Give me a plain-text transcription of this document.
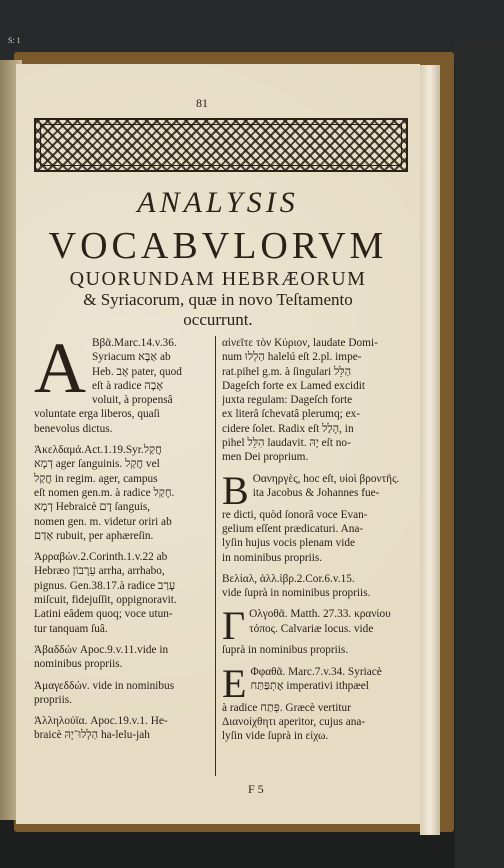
S: 1
81
ANALYSIS
VOCABVLORVM
QUORUNDAM HEBRÆORUM
& Syriacorum, quæ in novo Teſtamento
occurrunt.
A Ββᾶ.Marc.14.v.36.
Syriacum אַבָּא ab
Heb. אָב pater, quod
eſt à radice אָבָה
voluit, à propensâ
voluntate erga liberos, quaſi
benevolus dictus.
Ἀκελδαμά.Act.1.19.Syr.חֲקַל
דְמָא ager ſanguinis. חֲקַל vel
חֲקַל in regim. ager, campus
eſt nomen gen.m. à radice חָקַל.
דְמָא Hebraicè דָם ſanguis,
nomen gen. m. videtur oriri ab
אָדַם rubuit, per aphæreſin.
Ἀρραβών.2.Corinth.1.v.22 ab
Hebræo עֵרָבוֹן arrha, arrhabo,
pignus. Gen.38.17.à radice עָרַב
miſcuit, fidejuſſit, oppignoravit.
Latini eâdem quoq; voce utun-
tur tanquam ſuâ.
Ἀβαδδών Apoc.9.v.11.vide in
nominibus propriis.
Ἀμαγεδδών. vide in nominibus
propriis.
Ἀλληλούϊα. Apoc.19.v.1. He-
braicè הַלְלוּ־יָהּ ha-lelu-jah
αἰνεῖτε τὸν Κύριον, laudate Domi-
num הַלְלוּ halelú eſt 2.pl. impe-
rat.pihel g.m. à ſingulari הַלֵּל
Dageſch forte ex Lamed excidit
juxta regulam: Dageſch forte
ex literâ ſchevatâ plerumq; ex-
cidere ſolet. Radix eſt הָלַל, in
pihel הִלֵּל laudavit. יָהּ eſt no-
men Dei proprium.
B Οανηργὲς, hoc eſt, υἱοὶ βροντῆς.
ita Jacobus & Johannes fue-
re dicti, quòd ſonorâ voce Evan-
gelium eſſent prædicaturi. Ana-
lyſin hujus vocis plenam vide
in nominibus propriis.
Βελίαλ, ἀλλ.ἰβρ.2.Cor.6.v.15.
vide ſuprà in nominibus propriis.
Γ Ολγοθᾶ. Matth. 27.33. κρανίου
τόπος. Calvariæ locus. vide
ſuprà in nominibus propriis.
E Φφαθᾶ. Marc.7.v.34. Syriacè
אֶתְפַּתַּח imperativi ithpæel
à radice פְּתַח. Græcè vertitur
Διανοίχθητι aperitor, cujus ana-
lyſin vide ſuprà in εἰχω.
F 5
